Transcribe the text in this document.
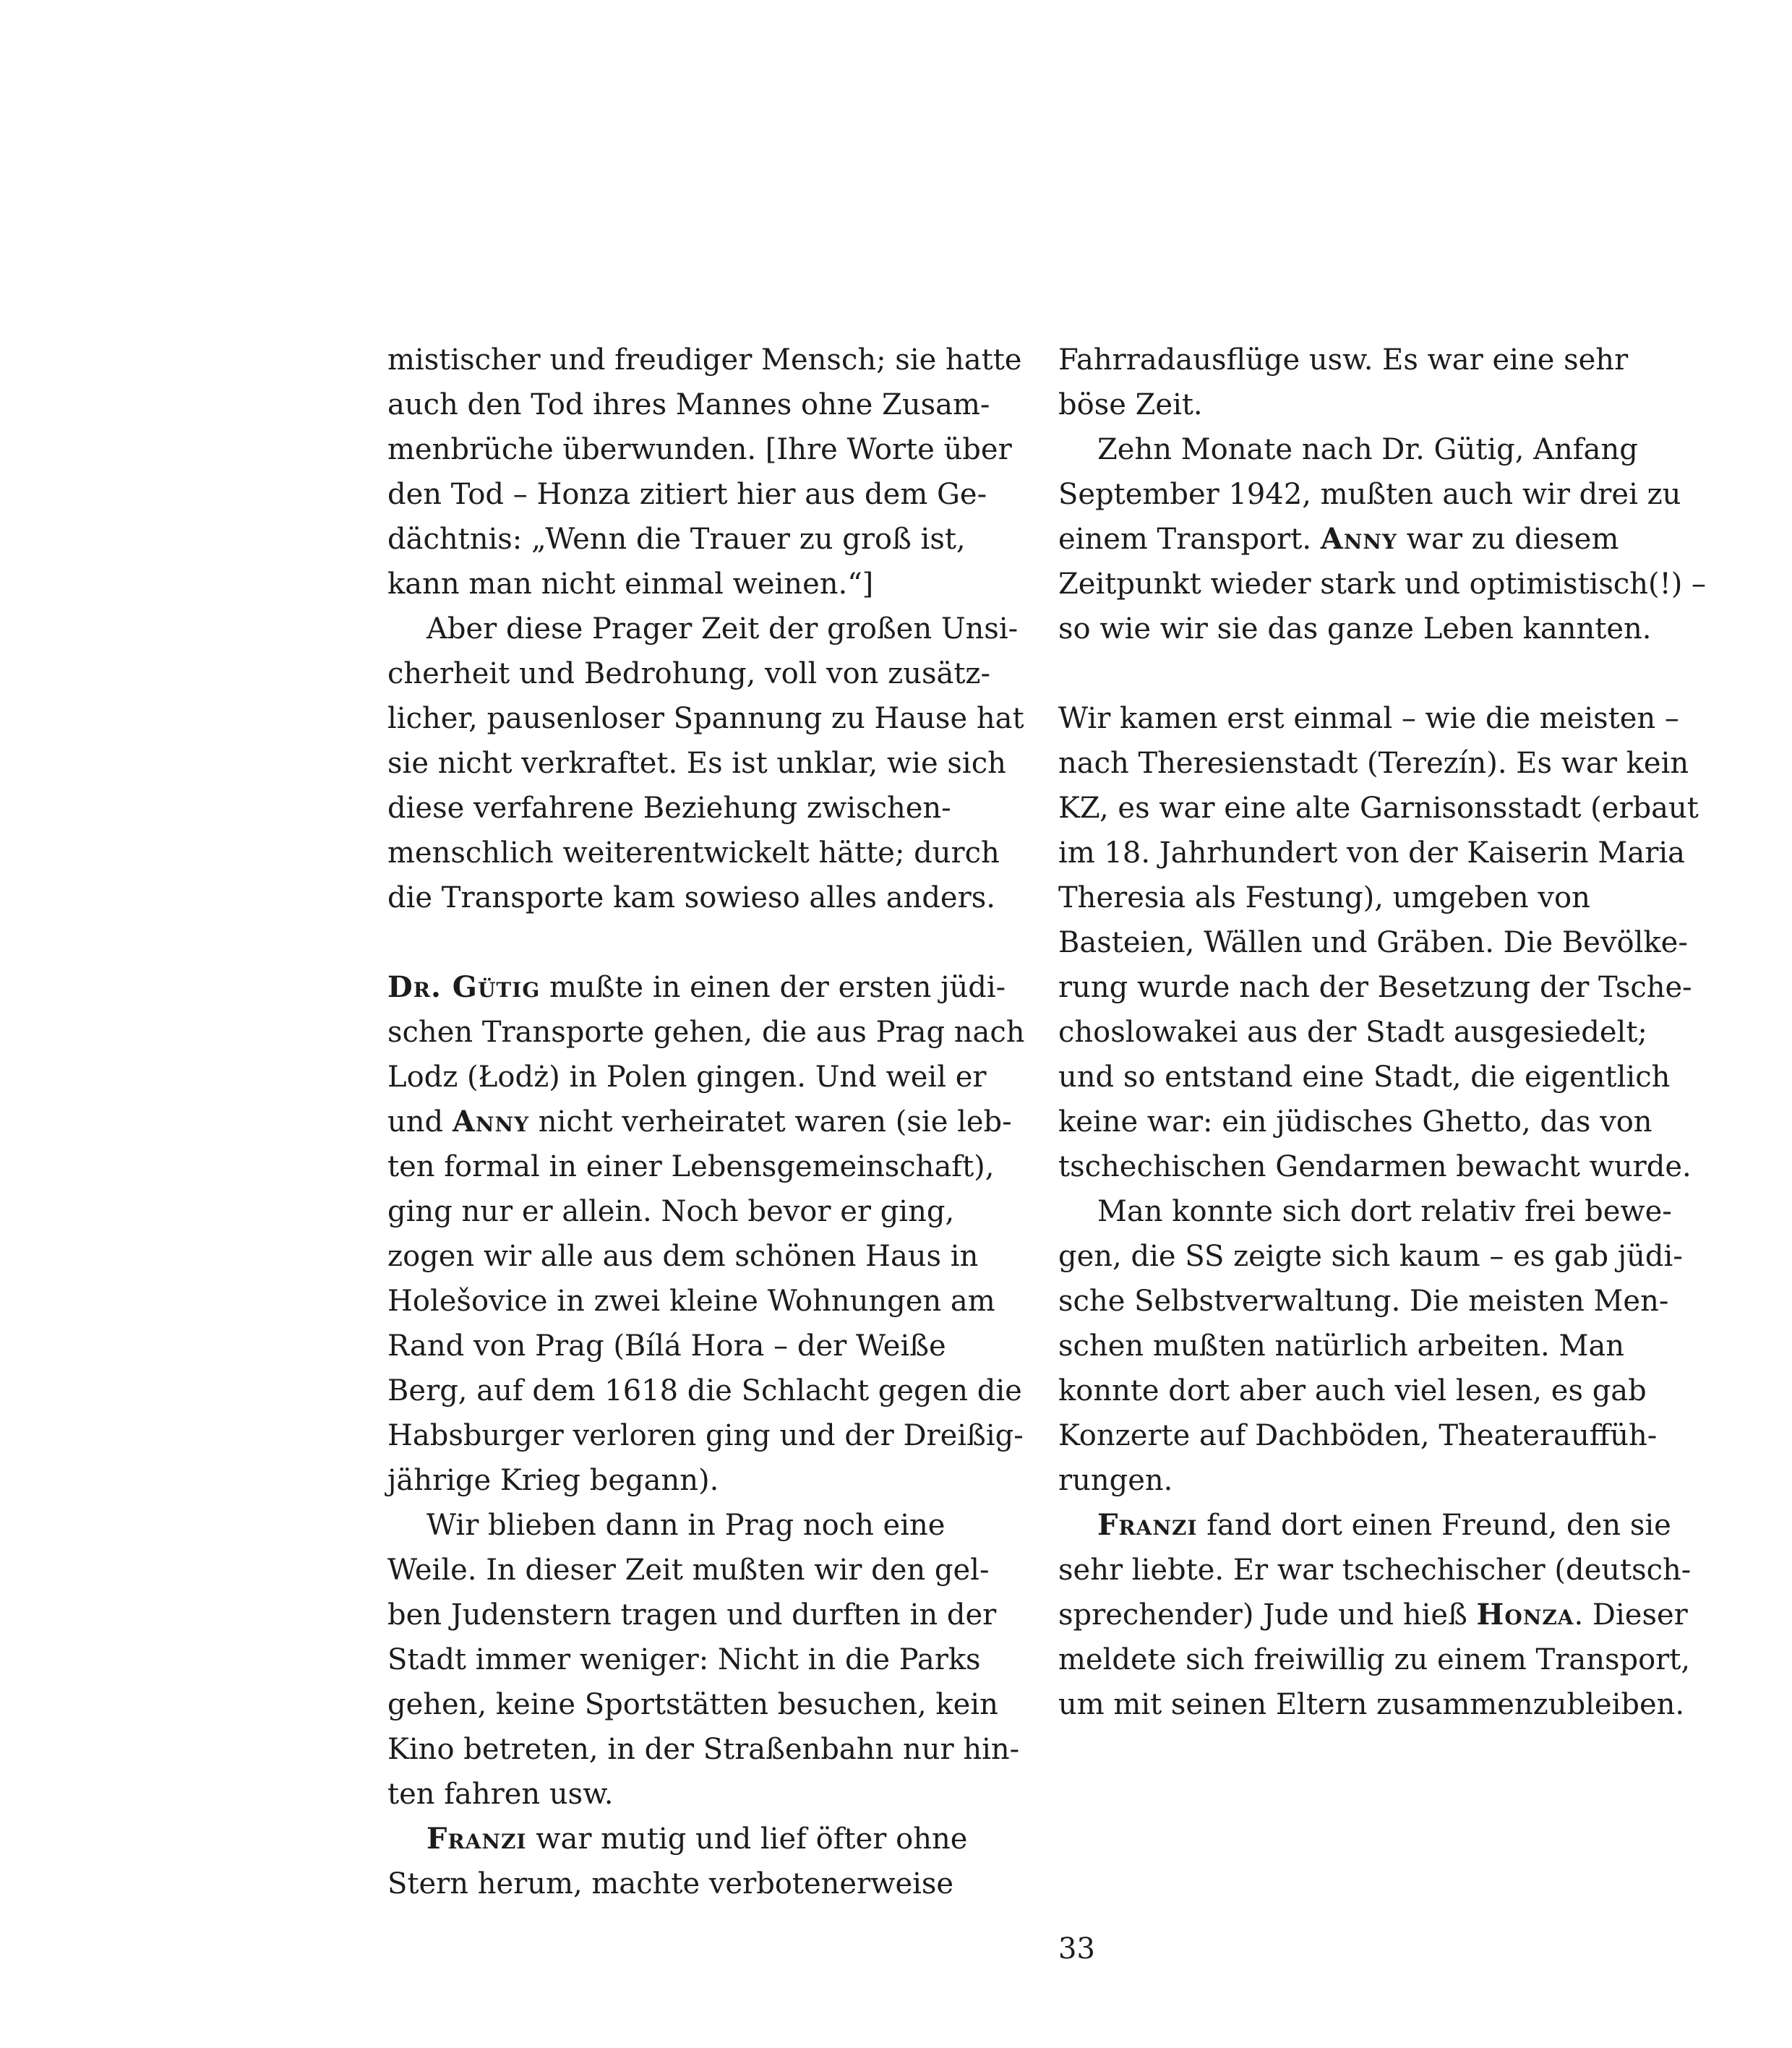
mistischer und freudiger Mensch; sie hatte

auch den Tod ihres Mannes ohne Zusam-

menbrüche überwunden. [Ihre Worte über

den Tod – Honza zitiert hier aus dem Ge-

dächtnis: „Wenn die Trauer zu groß ist,

kann man nicht einmal weinen.“]

Aber diese Prager Zeit der großen Unsi-

cherheit und Bedrohung, voll von zusätz-

licher, pausenloser Spannung zu Hause hat

sie nicht verkraftet. Es ist unklar, wie sich

diese verfahrene Beziehung zwischen-

menschlich weiterentwickelt hätte; durch

die Transporte kam sowieso alles anders.

Dr. Gütig mußte in einen der ersten jüdi-

schen Transporte gehen, die aus Prag nach

Lodz (Łodż) in Polen gingen. Und weil er

und Anny nicht verheiratet waren (sie leb-

ten formal in einer Lebensgemeinschaft),

ging nur er allein. Noch bevor er ging,

zogen wir alle aus dem schönen Haus in

Holešovice in zwei kleine Wohnungen am

Rand von Prag (Bílá Hora – der Weiße

Berg, auf dem 1618 die Schlacht gegen die

Habsburger verloren ging und der Dreißig-

jährige Krieg begann).

Wir blieben dann in Prag noch eine

Weile. In dieser Zeit mußten wir den gel-

ben Judenstern tragen und durften in der

Stadt immer weniger: Nicht in die Parks

gehen, keine Sportstätten besuchen, kein

Kino betreten, in der Straßenbahn nur hin-

ten fahren usw.

Franzi war mutig und lief öfter ohne

Stern herum, machte verbotenerweise

Fahrradausflüge usw. Es war eine sehr

böse Zeit.

Zehn Monate nach Dr. Gütig, Anfang

September 1942, mußten auch wir drei zu

einem Transport. Anny war zu diesem

Zeitpunkt wieder stark und optimistisch(!) –

so wie wir sie das ganze Leben kannten.

Wir kamen erst einmal – wie die meisten –

nach Theresienstadt (Terezín). Es war kein

KZ, es war eine alte Garnisonsstadt (erbaut

im 18. Jahrhundert von der Kaiserin Maria

Theresia als Festung), umgeben von

Basteien, Wällen und Gräben. Die Bevölke-

rung wurde nach der Besetzung der Tsche-

choslowakei aus der Stadt ausgesiedelt;

und so entstand eine Stadt, die eigentlich

keine war: ein jüdisches Ghetto, das von

tschechischen Gendarmen bewacht wurde.

Man konnte sich dort relativ frei bewe-

gen, die SS zeigte sich kaum – es gab jüdi-

sche Selbstverwaltung. Die meisten Men-

schen mußten natürlich arbeiten. Man

konnte dort aber auch viel lesen, es gab

Konzerte auf Dachböden, Theaterauffüh-

rungen.

Franzi fand dort einen Freund, den sie

sehr liebte. Er war tschechischer (deutsch-

sprechender) Jude und hieß Honza. Dieser

meldete sich freiwillig zu einem Transport,

um mit seinen Eltern zusammenzubleiben.

33
